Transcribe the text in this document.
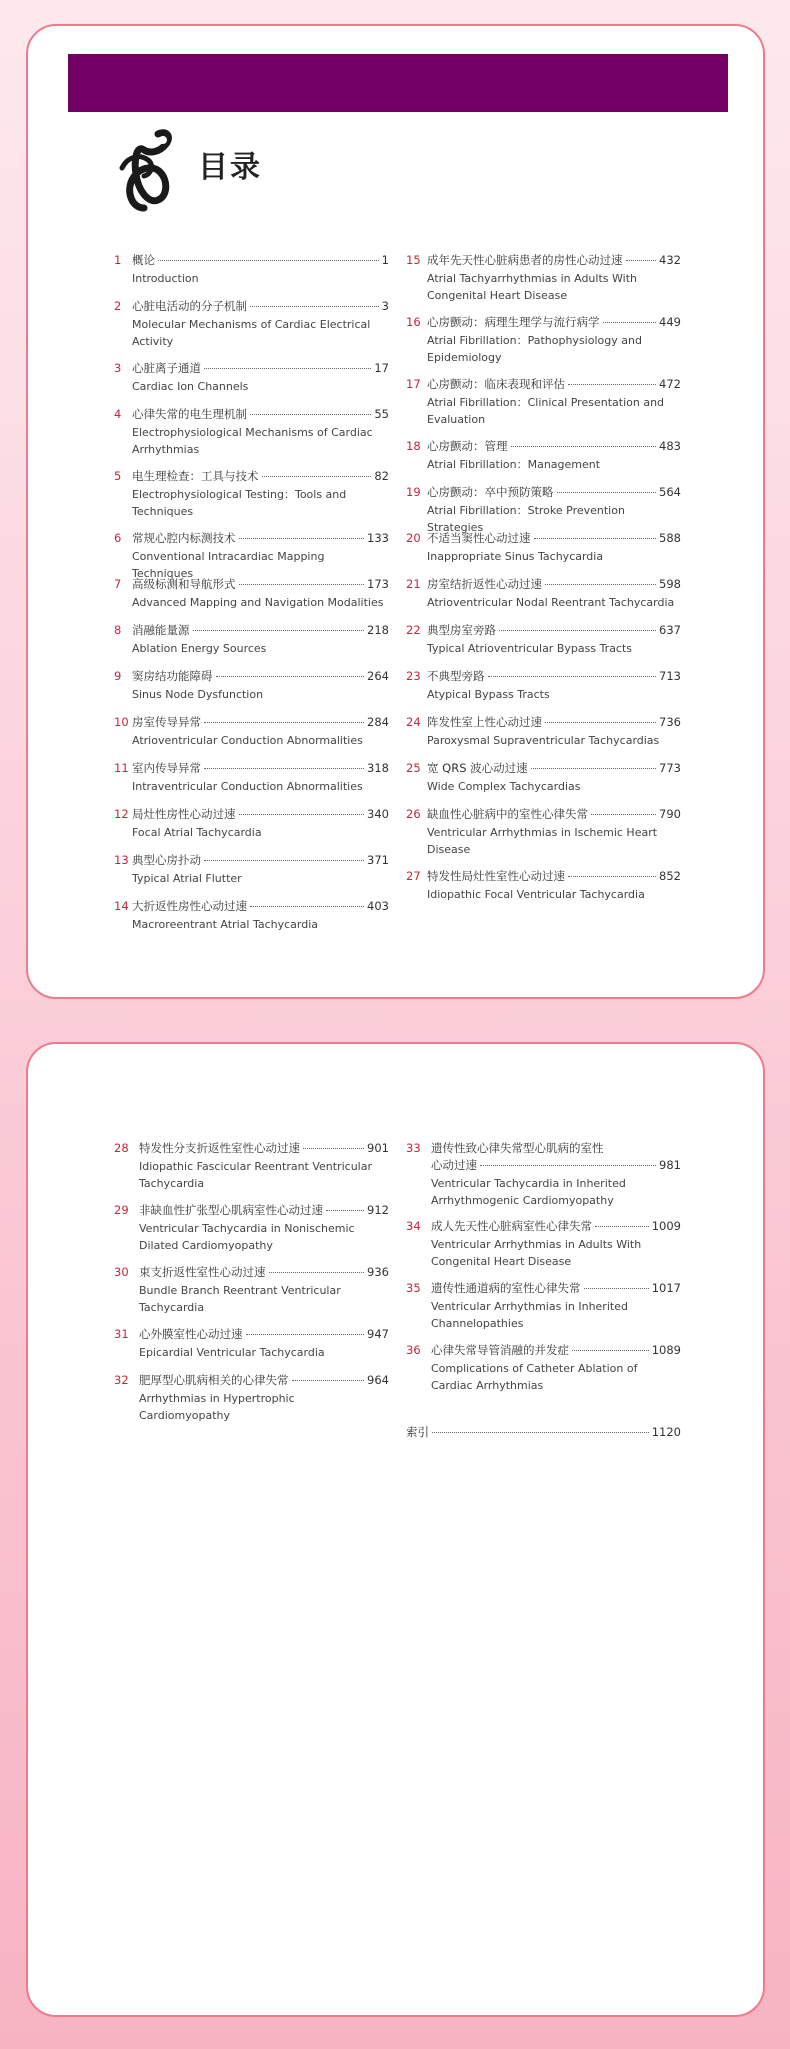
目录
1 概论	1
Introduction
2 心脏电活动的分子机制	3
Molecular Mechanisms of Cardiac Electrical Activity
3 心脏离子通道	17
Cardiac Ion Channels
4 心律失常的电生理机制	55
Electrophysiological Mechanisms of Cardiac Arrhythmias
5 电生理检查：工具与技术	82
Electrophysiological Testing：Tools and Techniques
6 常规心腔内标测技术	133
Conventional Intracardiac Mapping Techniques
7 高级标测和导航形式	173
Advanced Mapping and Navigation Modalities
8 消融能量源	218
Ablation Energy Sources
9 窦房结功能障碍	264
Sinus Node Dysfunction
10 房室传导异常	284
Atrioventricular Conduction Abnormalities
11 室内传导异常	318
Intraventricular Conduction Abnormalities
12 局灶性房性心动过速	340
Focal Atrial Tachycardia
13 典型心房扑动	371
Typical Atrial Flutter
14 大折返性房性心动过速	403
Macroreentrant Atrial Tachycardia
15 成年先天性心脏病患者的房性心动过速	432
Atrial Tachyarrhythmias in Adults With Congenital Heart Disease
16 心房颤动：病理生理学与流行病学	449
Atrial Fibrillation：Pathophysiology and Epidemiology
17 心房颤动：临床表现和评估	472
Atrial Fibrillation：Clinical Presentation and Evaluation
18 心房颤动：管理	483
Atrial Fibrillation：Management
19 心房颤动：卒中预防策略	564
Atrial Fibrillation：Stroke Prevention Strategies
20 不适当窦性心动过速	588
Inappropriate Sinus Tachycardia
21 房室结折返性心动过速	598
Atrioventricular Nodal Reentrant Tachycardia
22 典型房室旁路	637
Typical Atrioventricular Bypass Tracts
23 不典型旁路	713
Atypical Bypass Tracts
24 阵发性室上性心动过速	736
Paroxysmal Supraventricular Tachycardias
25 宽 QRS 波心动过速	773
Wide Complex Tachycardias
26 缺血性心脏病中的室性心律失常	790
Ventricular Arrhythmias in Ischemic Heart Disease
27 特发性局灶性室性心动过速	852
Idiopathic Focal Ventricular Tachycardia
28 特发性分支折返性室性心动过速	901
Idiopathic Fascicular Reentrant Ventricular Tachycardia
29 非缺血性扩张型心肌病室性心动过速	912
Ventricular Tachycardia in Nonischemic Dilated Cardiomyopathy
30 束支折返性室性心动过速	936
Bundle Branch Reentrant Ventricular Tachycardia
31 心外膜室性心动过速	947
Epicardial Ventricular Tachycardia
32 肥厚型心肌病相关的心律失常	964
Arrhythmias in Hypertrophic Cardiomyopathy
33 遗传性致心律失常型心肌病的室性
心动过速	981
Ventricular Tachycardia in Inherited Arrhythmogenic Cardiomyopathy
34 成人先天性心脏病室性心律失常	1009
Ventricular Arrhythmias in Adults With Congenital Heart Disease
35 遗传性通道病的室性心律失常	1017
Ventricular Arrhythmias in Inherited Channelopathies
36 心律失常导管消融的并发症	1089
Complications of Catheter Ablation of Cardiac Arrhythmias
索引	1120
